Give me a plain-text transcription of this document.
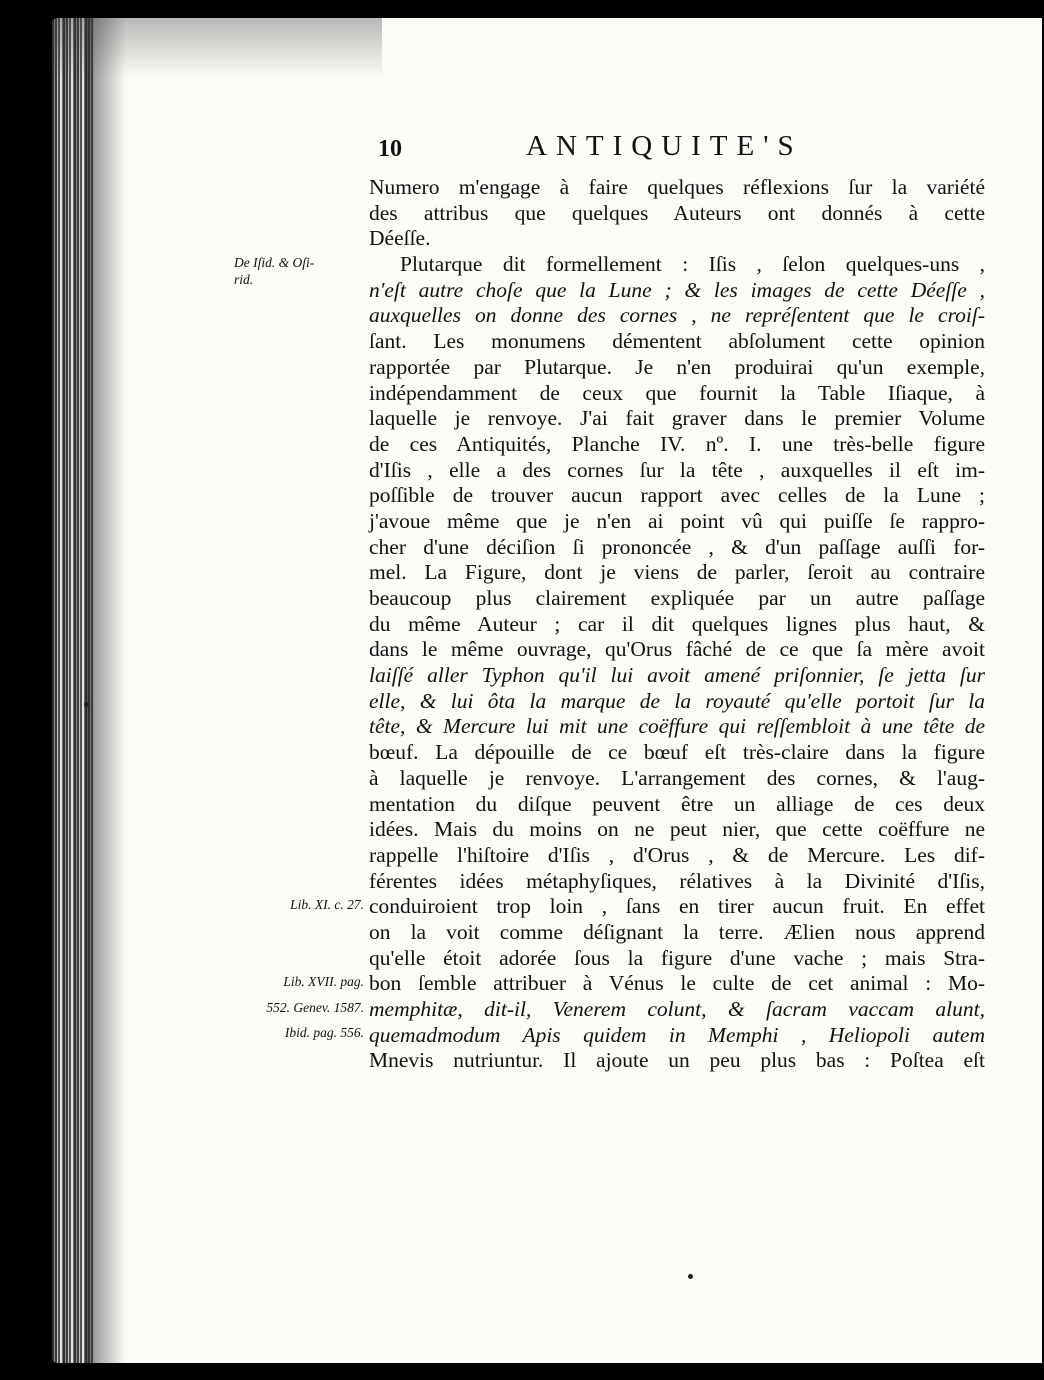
10	ANTIQUITE'S
Numero m'engage à faire quelques réflexions ſur la variété
des attribus que quelques Auteurs ont donnés à cette
Déeſſe.
Plutarque dit formellement : Iſis , ſelon quelques-uns ,
n'eſt autre choſe que la Lune ; & les images de cette Déeſſe ,
auxquelles on donne des cornes , ne repréſentent que le croiſ-
ſant. Les monumens démentent abſolument cette opinion
rapportée par Plutarque. Je n'en produirai qu'un exemple,
indépendamment de ceux que fournit la Table Iſiaque, à
laquelle je renvoye. J'ai fait graver dans le premier Volume
de ces Antiquités, Planche IV. nº. I. une très-belle figure
d'Iſis , elle a des cornes ſur la tête , auxquelles il eſt im-
poſſible de trouver aucun rapport avec celles de la Lune ;
j'avoue même que je n'en ai point vû qui puiſſe ſe rappro-
cher d'une déciſion ſi prononcée , & d'un paſſage auſſi for-
mel. La Figure, dont je viens de parler, ſeroit au contraire
beaucoup plus clairement expliquée par un autre paſſage
du même Auteur ; car il dit quelques lignes plus haut, &
dans le même ouvrage, qu'Orus fâché de ce que ſa mère avoit
laiſſé aller Typhon qu'il lui avoit amené priſonnier, ſe jetta ſur
elle, & lui ôta la marque de la royauté qu'elle portoit ſur la
tête, & Mercure lui mit une coëffure qui reſſembloit à une tête de
bœuf. La dépouille de ce bœuf eſt très-claire dans la figure
à laquelle je renvoye. L'arrangement des cornes, & l'aug-
mentation du diſque peuvent être un alliage de ces deux
idées. Mais du moins on ne peut nier, que cette coëffure ne
rappelle l'hiſtoire d'Iſis , d'Orus , & de Mercure. Les dif-
férentes idées métaphyſiques, rélatives à la Divinité d'Iſis,
conduiroient trop loin , ſans en tirer aucun fruit. En effet
on la voit comme déſignant la terre. Ælien nous apprend
qu'elle étoit adorée ſous la figure d'une vache ; mais Stra-
bon ſemble attribuer à Vénus le culte de cet animal : Mo-
memphitæ, dit-il, Venerem colunt, & ſacram vaccam alunt,
quemadmodum Apis quidem in Memphi , Heliopoli autem
Mnevis nutriuntur. Il ajoute un peu plus bas : Poſtea eſt
De Iſid. & Oſi-
rid.
Lib. XI. c. 27.
Lib. XVII. pag.
552. Genev. 1587.
Ibid. pag. 556.
